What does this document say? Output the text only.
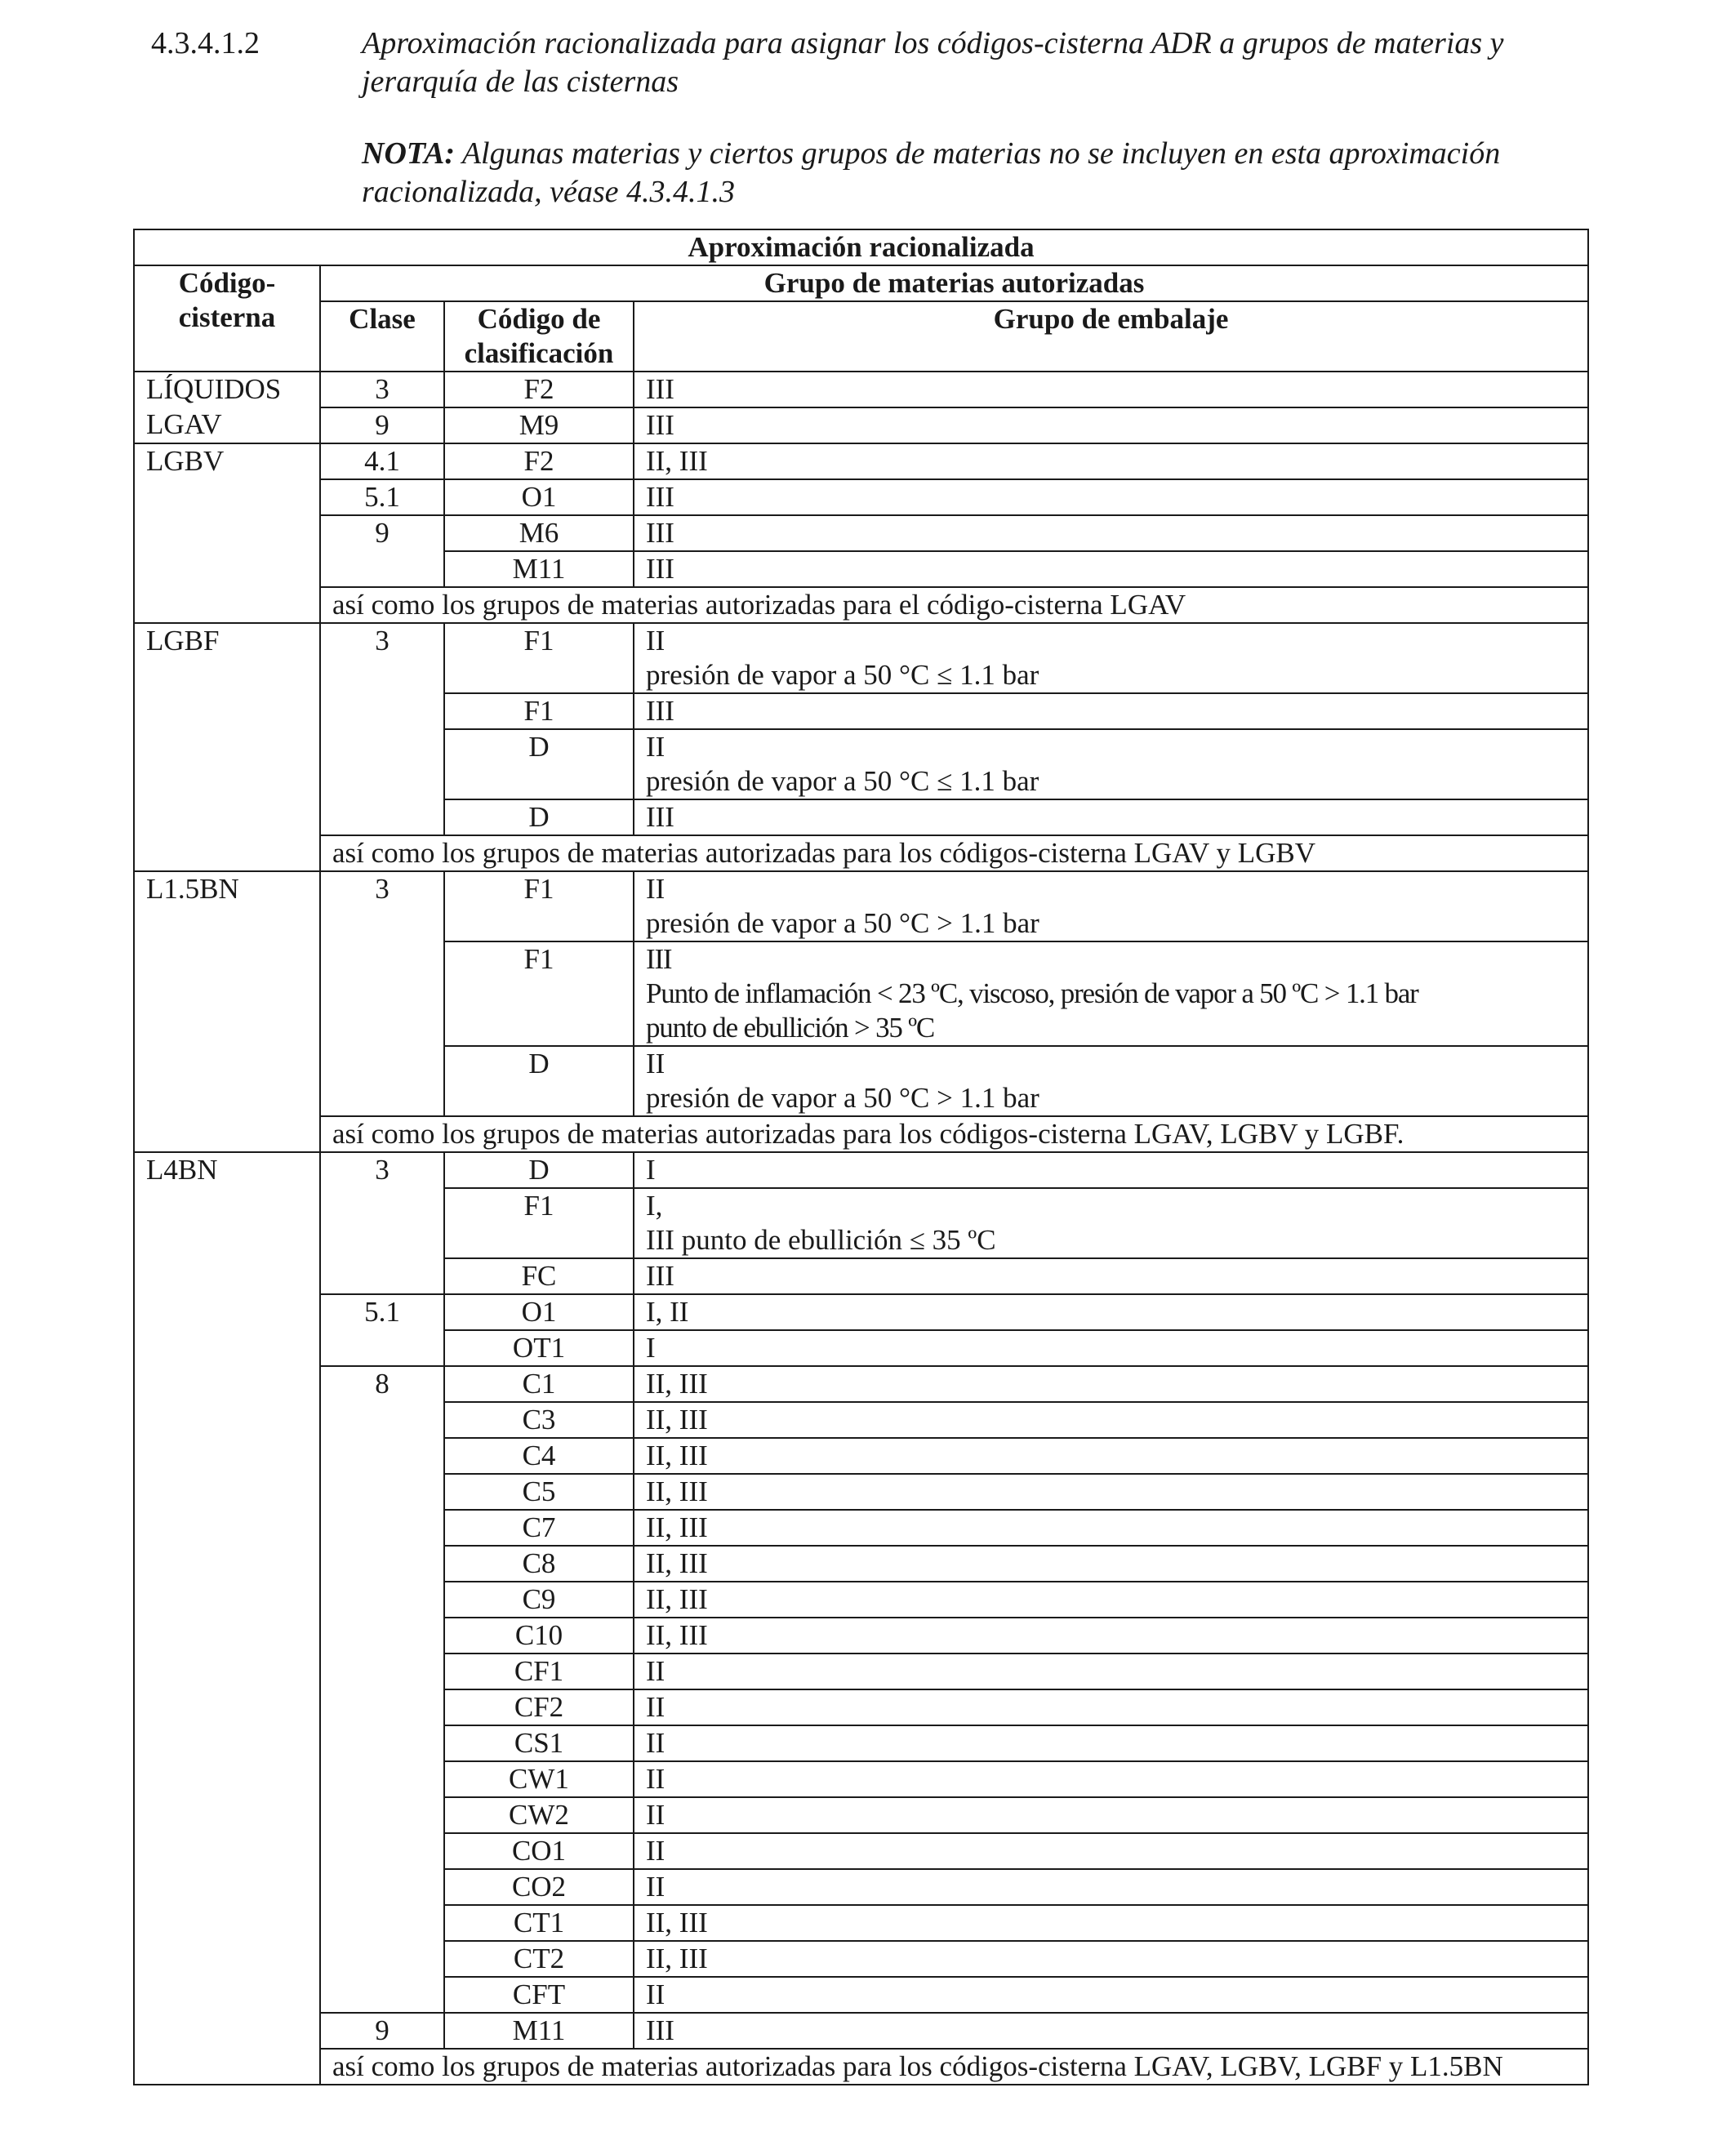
4.3.4.1.2	Aproximación racionalizada para asignar los códigos-cisterna ADR a grupos de materias y jerarquía de las cisternas
NOTA: Algunas materias y ciertos grupos de materias no se incluyen en esta aproximación racionalizada, véase 4.3.4.1.3
Aproximación racionalizada			
Código-cisterna	Grupo de materias autorizadas		
	Clase	Código de clasificación	Grupo de embalaje
LÍQUIDOS	3	F2	III
LGAV	9	M9	III
LGBV	4.1	F2	II, III
	5.1	O1	III
	9	M6	III
		M11	III
	así como los grupos de materias autorizadas para el código-cisterna LGAV		
LGBF	3	F1	II
presión de vapor a 50 °C ≤ 1.1 bar

		F1	III
		D	II
presión de vapor a 50 °C ≤ 1.1 bar

		D	III
	así como los grupos de materias autorizadas para los códigos-cisterna LGAV y LGBV		
L1.5BN	3	F1	II
presión de vapor a 50 °C > 1.1 bar

		F1	III
Punto de inflamación < 23 ºC, viscoso, presión de vapor a 50 ºC > 1.1 bar
punto de ebullición > 35 ºC

		D	II
presión de vapor a 50 °C > 1.1 bar

	así como los grupos de materias autorizadas para los códigos-cisterna LGAV, LGBV y LGBF.		
L4BN	3	D	I
		F1	I,
III punto de ebullición ≤ 35 ºC

		FC	III
	5.1	O1	I, II
		OT1	I
	8	C1	II, III
		C3	II, III
		C4	II, III
		C5	II, III
		C7	II, III
		C8	II, III
		C9	II, III
		C10	II, III
		CF1	II
		CF2	II
		CS1	II
		CW1	II
		CW2	II
		CO1	II
		CO2	II
		CT1	II, III
		CT2	II, III
		CFT	II
	9	M11	III
	así como los grupos de materias autorizadas para los códigos-cisterna LGAV, LGBV, LGBF y L1.5BN		
